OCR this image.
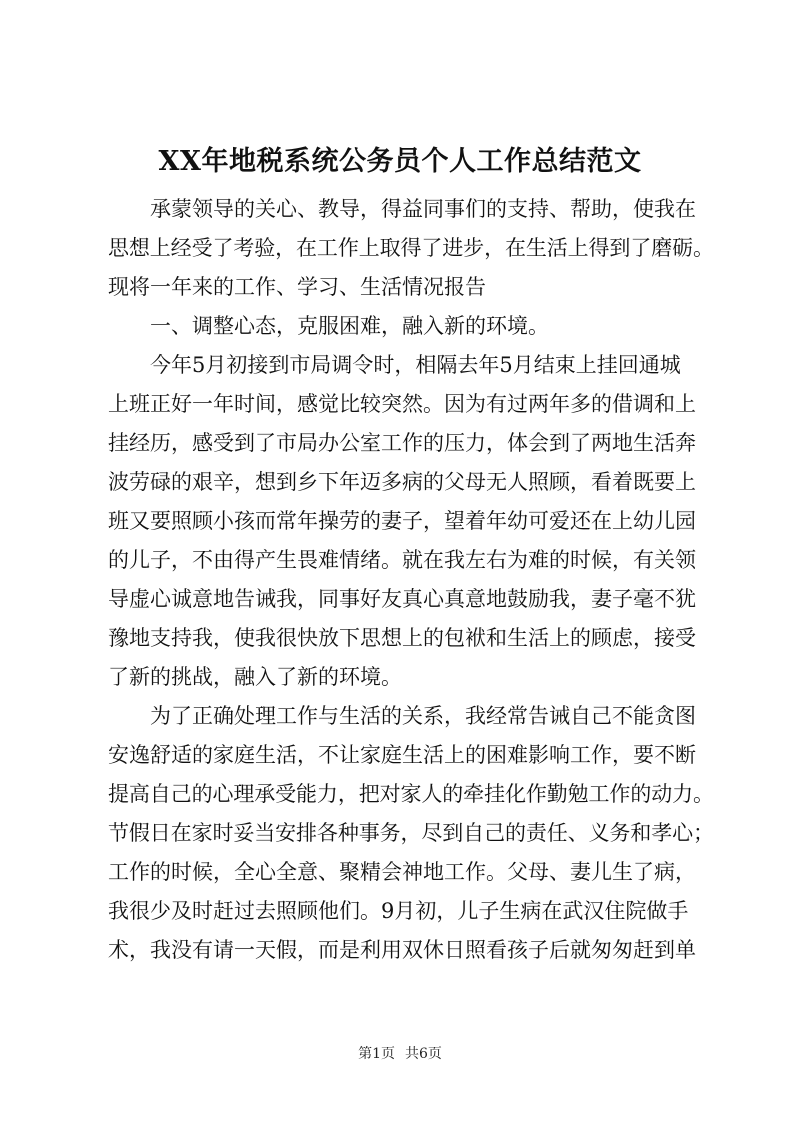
XX年地税系统公务员个人工作总结范文
　　承蒙领导的关心、教导，得益同事们的支持、帮助，使我在
思想上经受了考验，在工作上取得了进步，在生活上得到了磨砺。
现将一年来的工作、学习、生活情况报告
　　一、调整心态，克服困难，融入新的环境。
　　今年5月初接到市局调令时，相隔去年5月结束上挂回通城
上班正好一年时间，感觉比较突然。因为有过两年多的借调和上
挂经历，感受到了市局办公室工作的压力，体会到了两地生活奔
波劳碌的艰辛，想到乡下年迈多病的父母无人照顾，看着既要上
班又要照顾小孩而常年操劳的妻子，望着年幼可爱还在上幼儿园
的儿子，不由得产生畏难情绪。就在我左右为难的时候，有关领
导虚心诚意地告诫我，同事好友真心真意地鼓励我，妻子毫不犹
豫地支持我，使我很快放下思想上的包袱和生活上的顾虑，接受
了新的挑战，融入了新的环境。
　　为了正确处理工作与生活的关系，我经常告诫自己不能贪图
安逸舒适的家庭生活，不让家庭生活上的困难影响工作，要不断
提高自己的心理承受能力，把对家人的牵挂化作勤勉工作的动力。
节假日在家时妥当安排各种事务，尽到自己的责任、义务和孝心；
工作的时候，全心全意、聚精会神地工作。父母、妻儿生了病，
我很少及时赶过去照顾他们。9月初，儿子生病在武汉住院做手
术，我没有请一天假，而是利用双休日照看孩子后就匆匆赶到单
第1页 共6页
